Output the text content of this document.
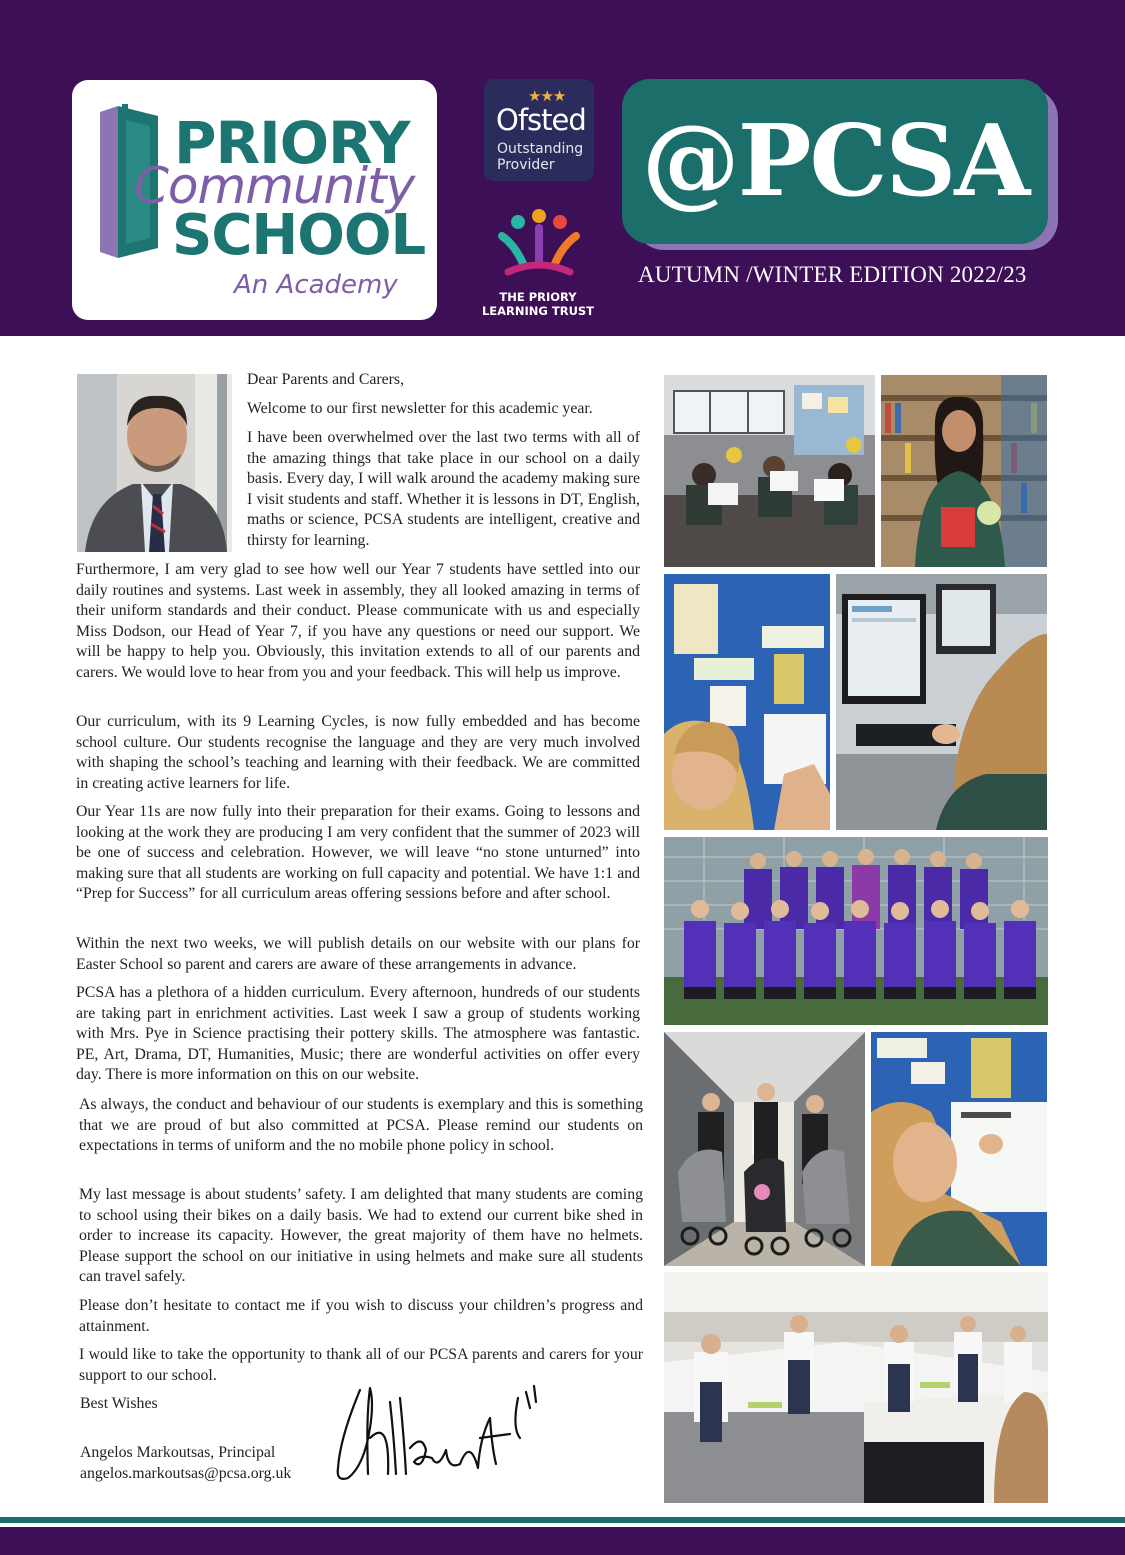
PRIORY
Community
SCHOOL
An Academy
★★★
Ofsted
Outstanding
Provider
THE PRIORY
LEARNING TRUST
@PCSA
AUTUMN /WINTER EDITION 2022/23
Dear Parents and Carers,
Welcome to our first newsletter for this academic year.
I have been overwhelmed over the last two terms with all of the amazing things that take place in our school on a daily basis. Every day, I will walk around the academy making sure I visit students and staff. Whether it is lessons in DT, English, maths or science, PCSA students are intelligent, creative and thirsty for learning.
Furthermore, I am very glad to see how well our Year 7 students have settled into our daily routines and systems. Last week in assembly, they all looked amazing in terms of their uniform standards and their conduct. Please communicate with us and especially Miss Dodson, our Head of Year 7, if you have any questions or need our support. We will be happy to help you. Obviously, this invitation extends to all of our parents and carers. We would love to hear from you and your feedback. This will help us improve.
Our curriculum, with its 9 Learning Cycles, is now fully embedded and has become school culture. Our students recognise the language and they are very much involved with shaping the school’s teaching and learning with their feedback. We are committed in creating active learners for life.
Our Year 11s are now fully into their preparation for their exams. Going to lessons and looking at the work they are producing I am very confident that the summer of 2023 will be one of success and celebration. However, we will leave “no stone unturned” into making sure that all students are working on full capacity and potential. We have 1:1 and “Prep for Success” for all curriculum areas offering sessions before and after school.
Within the next two weeks, we will publish details on our website with our plans for Easter School so parent and carers are aware of these arrangements in advance.
PCSA has a plethora of a hidden curriculum. Every afternoon, hundreds of our students are taking part in enrichment activities. Last week I saw a group of students working with Mrs. Pye in Science practising their pottery skills. The atmosphere was fantastic. PE, Art, Drama, DT, Humanities, Music; there are wonderful activities on offer every day. There is more information on this on our website.
As always, the conduct and behaviour of our students is exemplary and this is something that we are proud of but also committed at PCSA. Please remind our students on expectations in terms of uniform and the no mobile phone policy in school.
My last message is about students’ safety. I am delighted that many students are coming to school using their bikes on a daily basis. We had to extend our current bike shed in order to increase its capacity. However, the great majority of them have no helmets. Please support the school on our initiative in using helmets and make sure all students can travel safely.
Please don’t hesitate to contact me if you wish to discuss your children’s progress and attainment.
I would like to take the opportunity to thank all of our PCSA parents and carers for your support to our school.
Best Wishes
Angelos Markoutsas, Principal
angelos.markoutsas@pcsa.org.uk
